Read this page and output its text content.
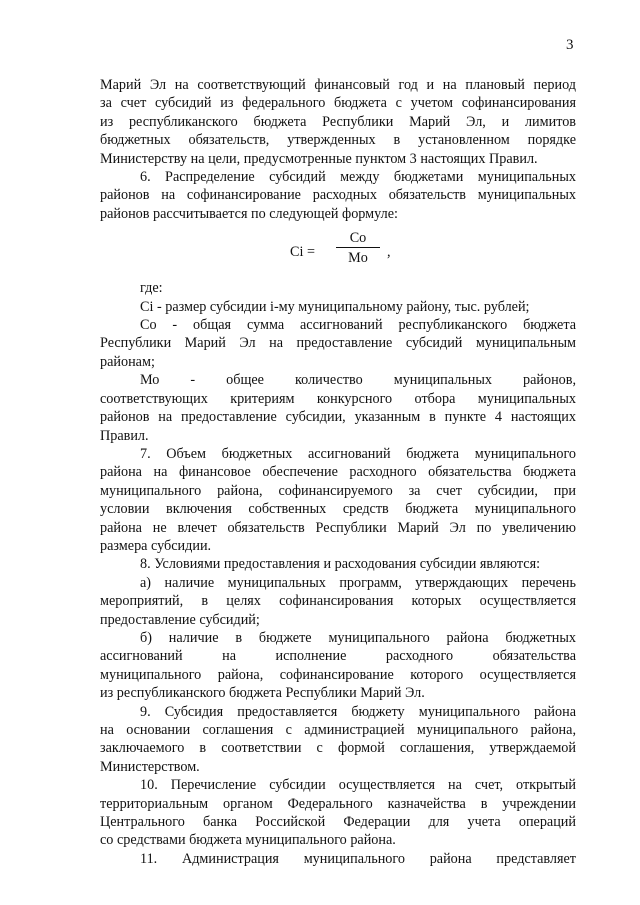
3

Марий Эл на соответствующий финансовый год и на плановый период

за счет субсидий из федерального бюджета с учетом софинансирования

из республиканского бюджета Республики Марий Эл, и лимитов

бюджетных обязательств, утвержденных в установленном порядке

Министерству на цели, предусмотренные пунктом 3 настоящих Правил.

6. Распределение субсидий между бюджетами муниципальных

районов на софинансирование расходных обязательств муниципальных

районов рассчитывается по следующей формуле:

$Ci = \frac{Co}{Mo}$ ,

где:

Ci - размер субсидии i-му муниципальному району, тыс. рублей;

Со - общая сумма ассигнований республиканского бюджета

Республики Марий Эл на предоставление субсидий муниципальным

районам;

Мо - общее количество муниципальных районов,

соответствующих критериям конкурсного отбора муниципальных

районов на предоставление субсидии, указанным в пункте 4 настоящих

Правил.

7. Объем бюджетных ассигнований бюджета муниципального

района на финансовое обеспечение расходного обязательства бюджета

муниципального района, софинансируемого за счет субсидии, при

условии включения собственных средств бюджета муниципального

района не влечет обязательств Республики Марий Эл по увеличению

размера субсидии.

8. Условиями предоставления и расходования субсидии являются:

а) наличие муниципальных программ, утверждающих перечень

мероприятий, в целях софинансирования которых осуществляется

предоставление субсидий;

б) наличие в бюджете муниципального района бюджетных

ассигнований на исполнение расходного обязательства

муниципального района, софинансирование которого осуществляется

из республиканского бюджета Республики Марий Эл.

9. Субсидия предоставляется бюджету муниципального района

на основании соглашения с администрацией муниципального района,

заключаемого в соответствии с формой соглашения, утверждаемой

Министерством.

10. Перечисление субсидии осуществляется на счет, открытый

территориальным органом Федерального казначейства в учреждении

Центрального банка Российской Федерации для учета операций

со средствами бюджета муниципального района.

11. Администрация муниципального района представляет
